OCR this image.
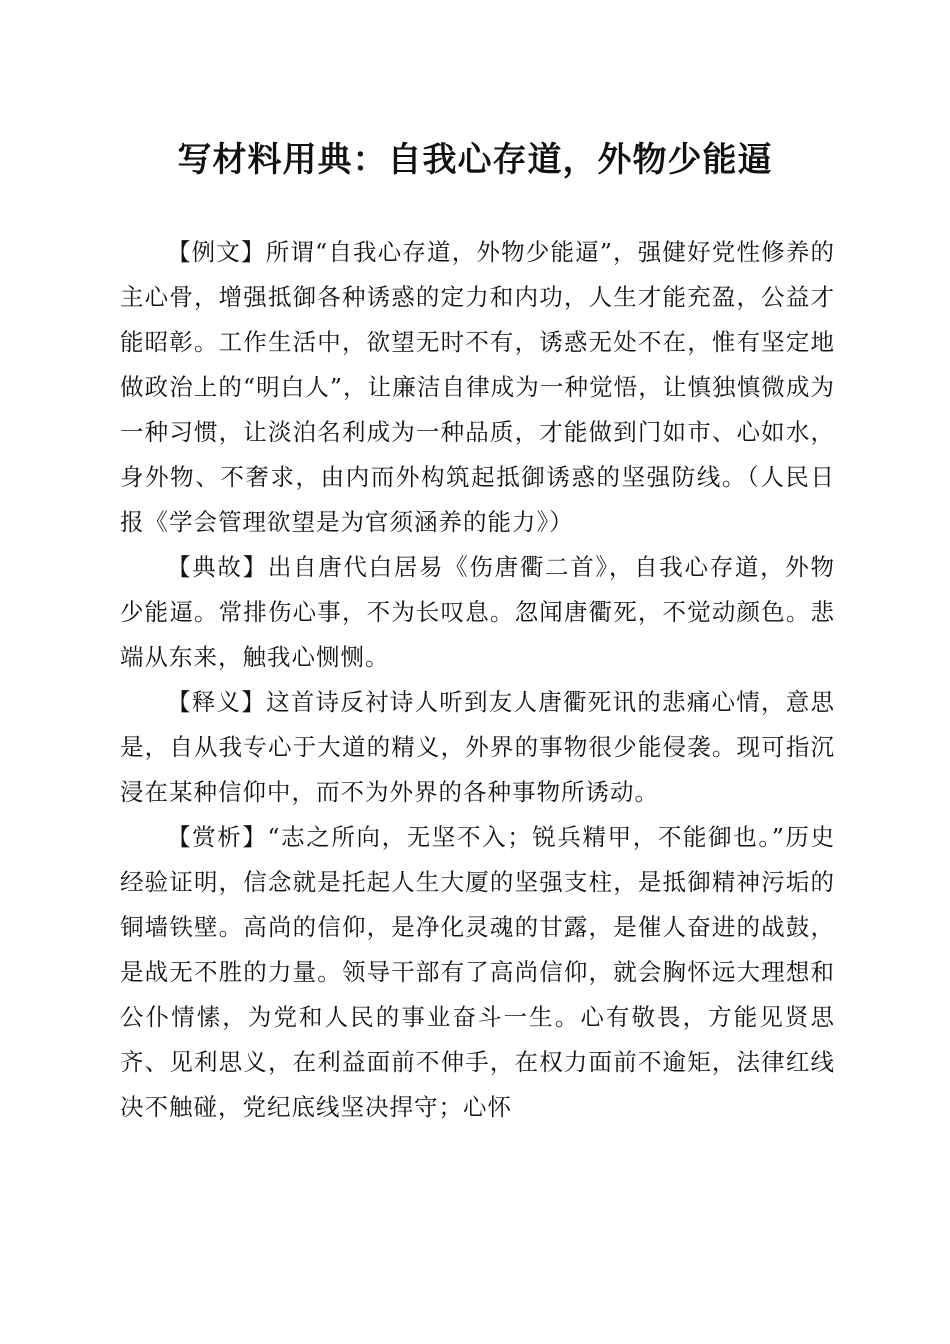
写材料用典：自我心存道，外物少能逼

【例文】所谓“自我心存道，外物少能逼”，强健好党性修养的主心骨，增强抵御各种诱惑的定力和内功，人生才能充盈，公益才能昭彰。工作生活中，欲望无时不有，诱惑无处不在，惟有坚定地做政治上的“明白人”，让廉洁自律成为一种觉悟，让慎独慎微成为一种习惯，让淡泊名利成为一种品质，才能做到门如市、心如水，身外物、不奢求，由内而外构筑起抵御诱惑的坚强防线。（人民日报《学会管理欲望是为官须涵养的能力》）

【典故】出自唐代白居易《伤唐衢二首》，自我心存道，外物少能逼。常排伤心事，不为长叹息。忽闻唐衢死，不觉动颜色。悲端从东来，触我心恻恻。

【释义】这首诗反衬诗人听到友人唐衢死讯的悲痛心情，意思是，自从我专心于大道的精义，外界的事物很少能侵袭。现可指沉浸在某种信仰中，而不为外界的各种事物所诱动。

【赏析】“志之所向，无坚不入；锐兵精甲，不能御也。”历史经验证明，信念就是托起人生大厦的坚强支柱，是抵御精神污垢的铜墙铁壁。高尚的信仰，是净化灵魂的甘露，是催人奋进的战鼓，是战无不胜的力量。领导干部有了高尚信仰，就会胸怀远大理想和公仆情愫，为党和人民的事业奋斗一生。心有敬畏，方能见贤思齐、见利思义，在利益面前不伸手，在权力面前不逾矩，法律红线决不触碰，党纪底线坚决捍守；心怀
